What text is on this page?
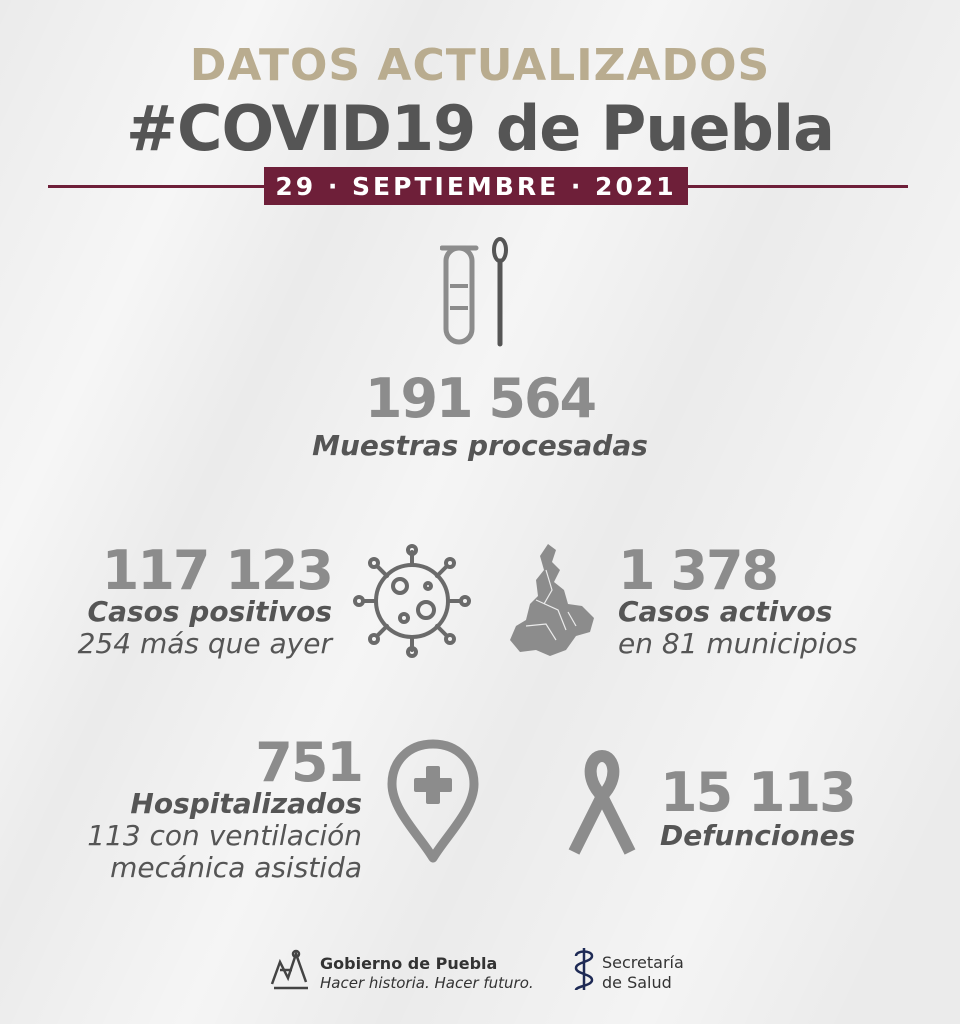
DATOS ACTUALIZADOS
#COVID19 de Puebla
29 · SEPTIEMBRE · 2021
191 564
Muestras procesadas
117 123
Casos positivos
254 más que ayer
1 378
Casos activos
en 81 municipios
751
Hospitalizados
113 con ventilación
mecánica asistida
15 113
Defunciones
Gobierno de Puebla
Hacer historia. Hacer futuro.
Secretaría
de Salud
